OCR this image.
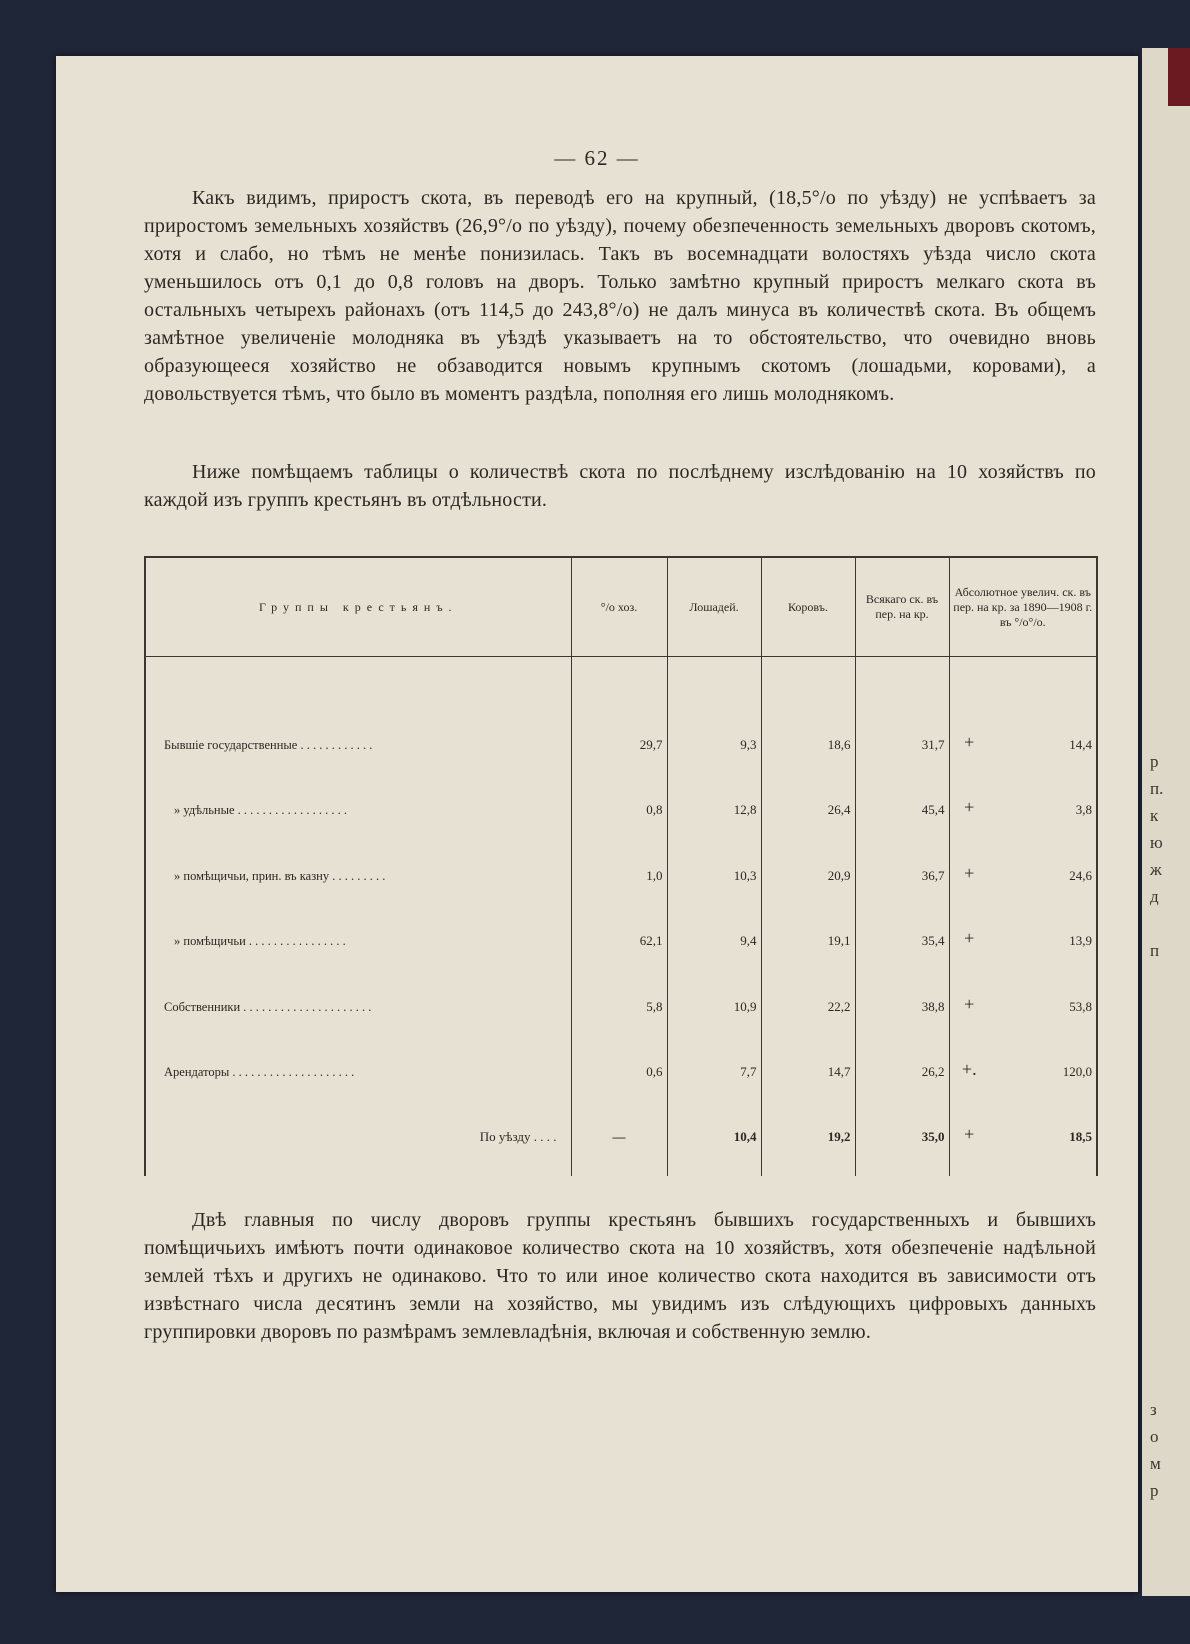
— 62 —

Какъ видимъ, приростъ скота, въ переводѣ его на крупный, (18,5°/о по уѣзду) не успѣваетъ за приростомъ земельныхъ хозяйствъ (26,9°/о по уѣзду), почему обезпеченность земельныхъ дворовъ скотомъ, хотя и слабо, но тѣмъ не менѣе понизилась. Такъ въ восемнадцати волостяхъ уѣзда число скота уменьшилось отъ 0,1 до 0,8 головъ на дворъ. Только замѣтно крупный приростъ мелкаго скота въ остальныхъ четырехъ районахъ (отъ 114,5 до 243,8°/о) не далъ минуса въ количествѣ скота. Въ общемъ замѣтное увеличеніе молодняка въ уѣздѣ указываетъ на то обстоятельство, что очевидно вновь образующееся хозяйство не обзаводится новымъ крупнымъ скотомъ (лошадьми, коровами), а довольствуется тѣмъ, что было въ моментъ раздѣла, пополняя его лишь молоднякомъ.

Ниже помѣщаемъ таблицы о количествѣ скота по послѣднему изслѣдованію на 10 хозяйствъ по каждой изъ группъ крестьянъ въ отдѣльности.

Группы крестьянъ.	°/о хоз.	Лошадей.	Коровъ.	Всякаго ск. въ пер. на кр.	Абсолютное увелич. ск. въ пер. на кр. за 1890—1908 г. въ °/о°/о.	

Бывшіе государственные . . . . . . . . . . . .	29,7	9,3	18,6	31,7	+	14,4
» удѣльные . . . . . . . . . . . . . . . . . .	0,8	12,8	26,4	45,4	+	3,8
» помѣщичьи, прин. въ казну . . . . . . . . .	1,0	10,3	20,9	36,7	+	24,6
» помѣщичьи . . . . . . . . . . . . . . . .	62,1	9,4	19,1	35,4	+	13,9
Собственники . . . . . . . . . . . . . . . . . . . . .	5,8	10,9	22,2	38,8	+	53,8
Арендаторы . . . . . . . . . . . . . . . . . . . .	0,6	7,7	14,7	26,2	+.	120,0
По уѣзду . . . .	—	10,4	19,2	35,0	+	18,5

Двѣ главныя по числу дворовъ группы крестьянъ бывшихъ государственныхъ и бывшихъ помѣщичьихъ имѣютъ почти одинаковое количество скота на 10 хозяйствъ, хотя обезпеченіе надѣльной землей тѣхъ и другихъ не одинаково. Что то или иное количество скота находится въ зависимости отъ извѣстнаго числа десятинъ земли на хозяйство, мы увидимъ изъ слѣдующихъ цифровыхъ данныхъ группировки дворовъ по размѣрамъ землевладѣнія, включая и собственную землю.

р
п.
к
ю
ж
д
п
з
о
м
р
